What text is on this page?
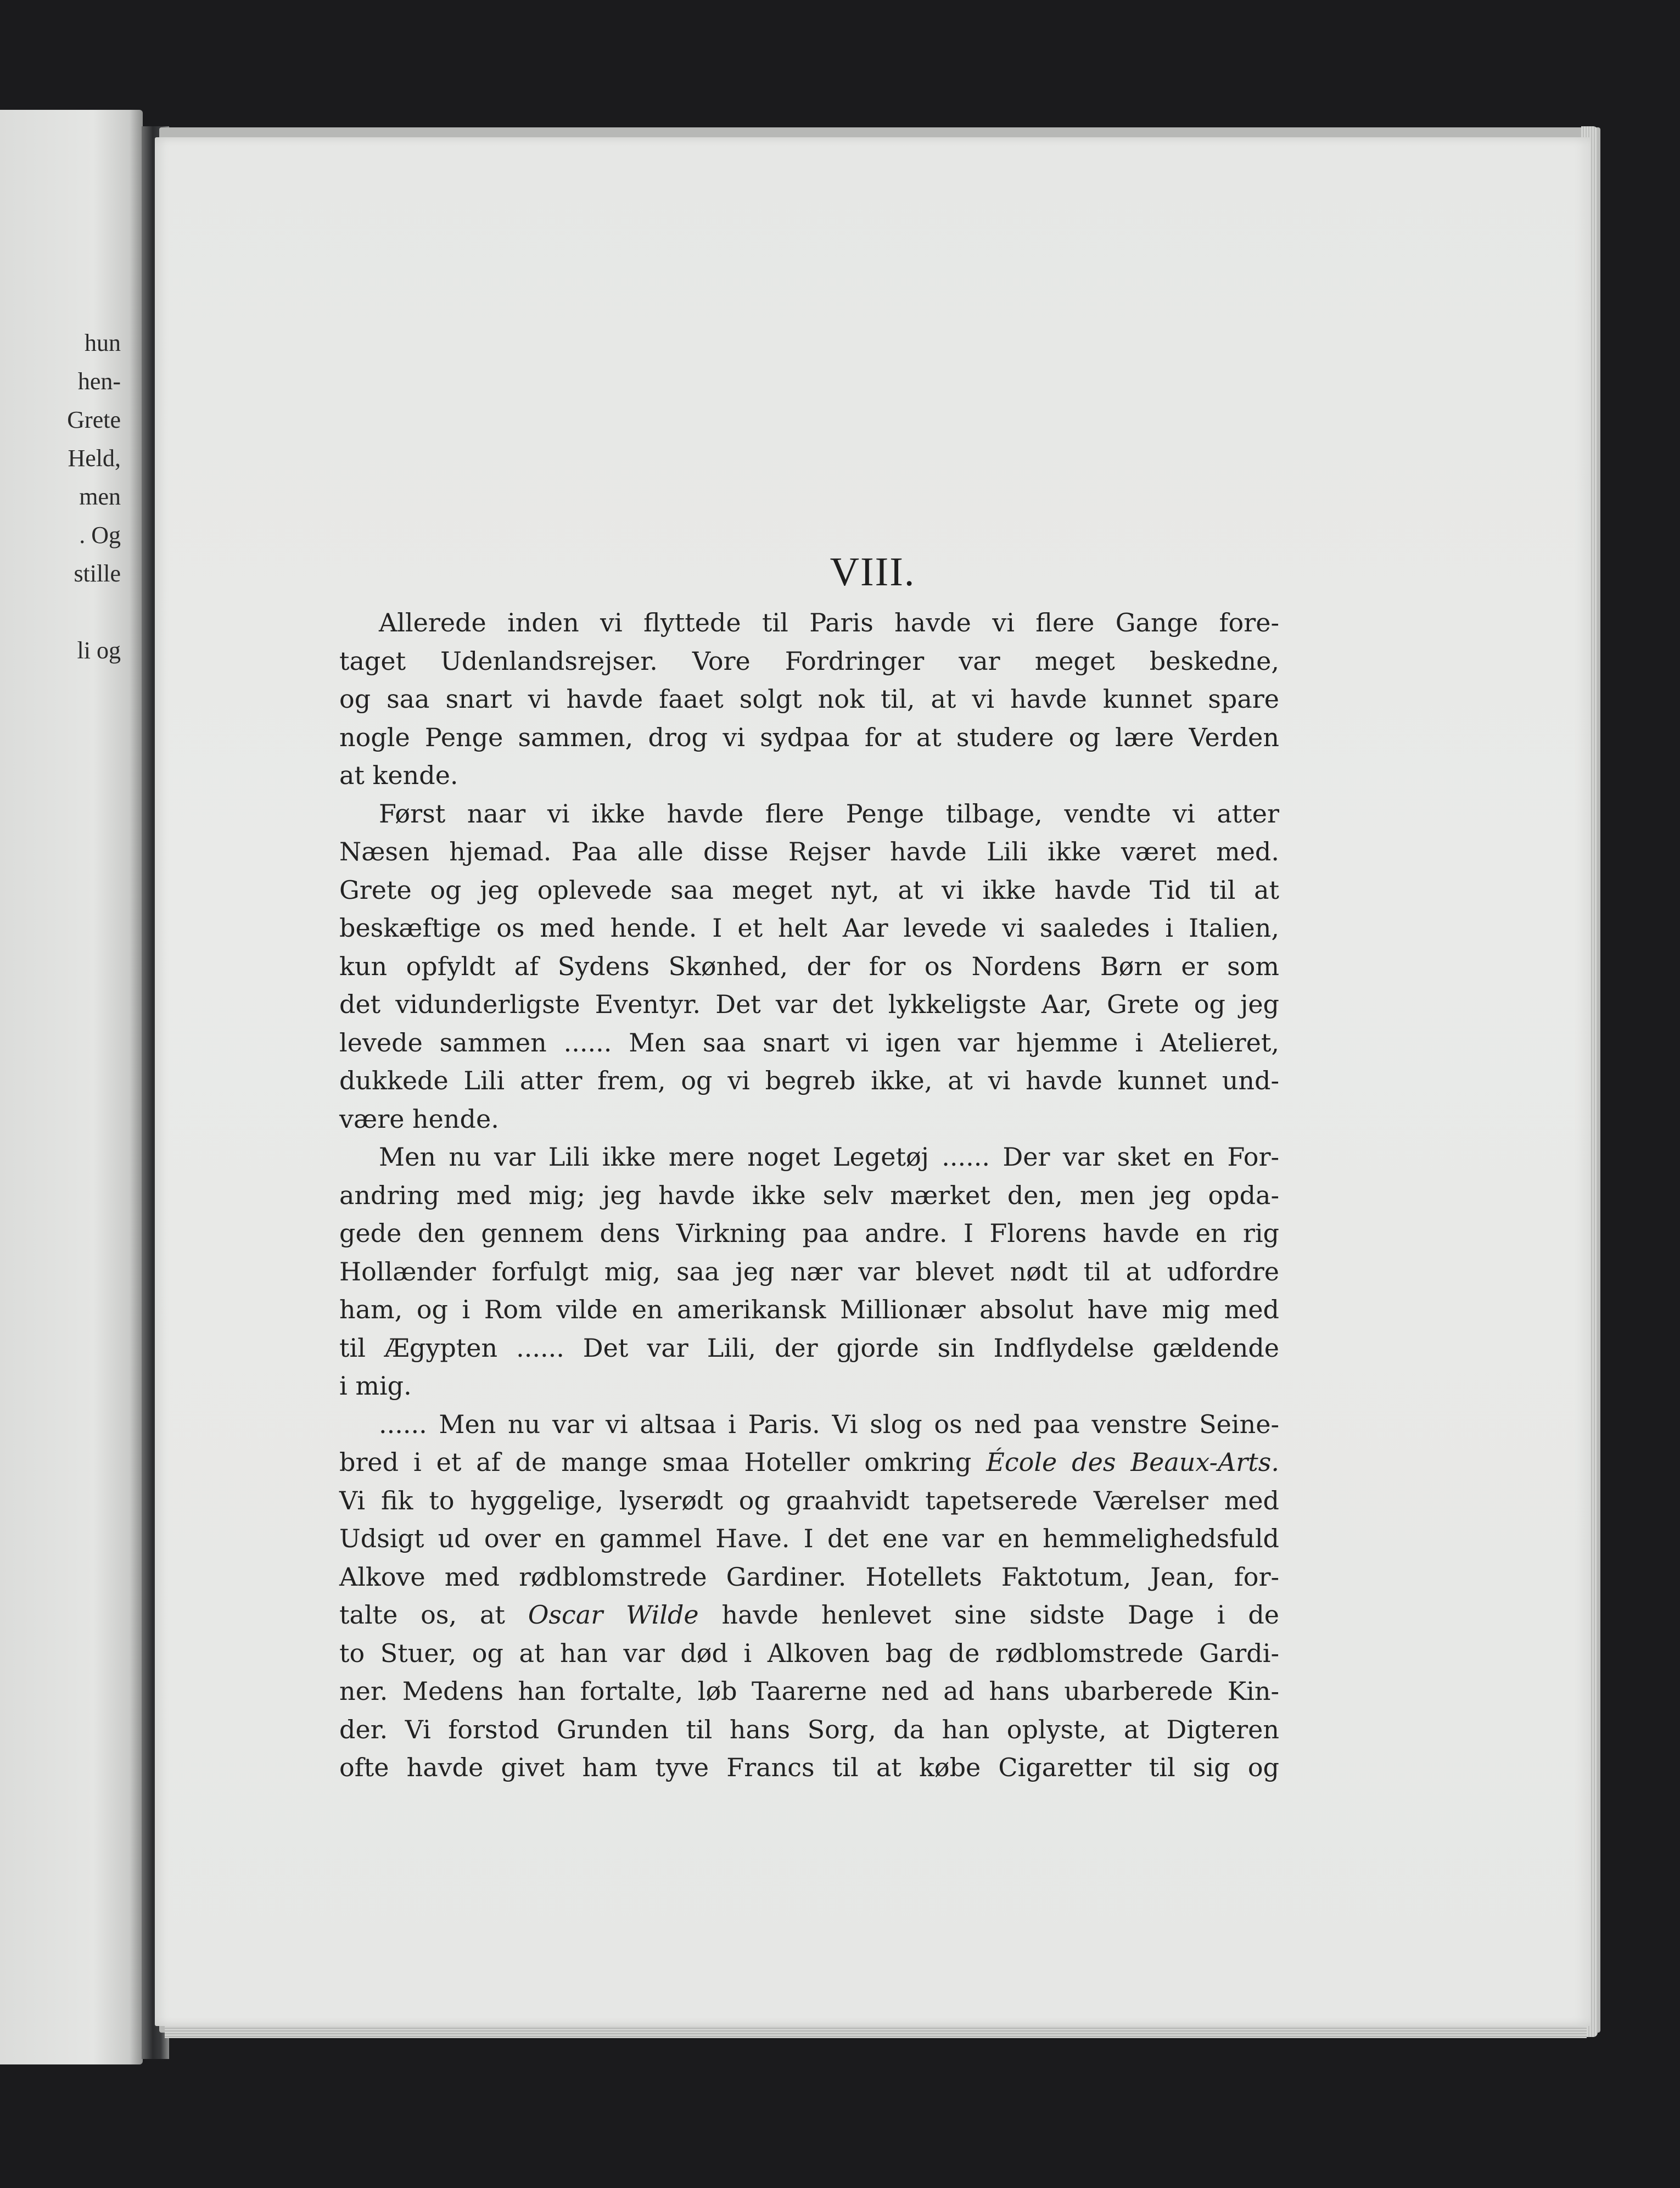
hun
hen-
Grete
Held,
men
. Og
stille
li og
VIII.
Allerede inden vi flyttede til Paris havde vi flere Gange fore-
taget Udenlandsrejser. Vore Fordringer var meget beskedne,
og saa snart vi havde faaet solgt nok til, at vi havde kunnet spare
nogle Penge sammen, drog vi sydpaa for at studere og lære Verden
at kende.
Først naar vi ikke havde flere Penge tilbage, vendte vi atter
Næsen hjemad. Paa alle disse Rejser havde Lili ikke været med.
Grete og jeg oplevede saa meget nyt, at vi ikke havde Tid til at
beskæftige os med hende. I et helt Aar levede vi saaledes i Italien,
kun opfyldt af Sydens Skønhed, der for os Nordens Børn er som
det vidunderligste Eventyr. Det var det lykkeligste Aar, Grete og jeg
levede sammen ...... Men saa snart vi igen var hjemme i Atelieret,
dukkede Lili atter frem, og vi begreb ikke, at vi havde kunnet und-
være hende.
Men nu var Lili ikke mere noget Legetøj ...... Der var sket en For-
andring med mig; jeg havde ikke selv mærket den, men jeg opda-
gede den gennem dens Virkning paa andre. I Florens havde en rig
Hollænder forfulgt mig, saa jeg nær var blevet nødt til at udfordre
ham, og i Rom vilde en amerikansk Millionær absolut have mig med
til Ægypten ...... Det var Lili, der gjorde sin Indflydelse gældende
i mig.
...... Men nu var vi altsaa i Paris. Vi slog os ned paa venstre Seine-
bred i et af de mange smaa Hoteller omkring École des Beaux-Arts.
Vi fik to hyggelige, lyserødt og graahvidt tapetserede Værelser med
Udsigt ud over en gammel Have. I det ene var en hemmelighedsfuld
Alkove med rødblomstrede Gardiner. Hotellets Faktotum, Jean, for-
talte os, at Oscar Wilde havde henlevet sine sidste Dage i de
to Stuer, og at han var død i Alkoven bag de rødblomstrede Gardi-
ner. Medens han fortalte, løb Taarerne ned ad hans ubarberede Kin-
der. Vi forstod Grunden til hans Sorg, da han oplyste, at Digteren
ofte havde givet ham tyve Francs til at købe Cigaretter til sig og
